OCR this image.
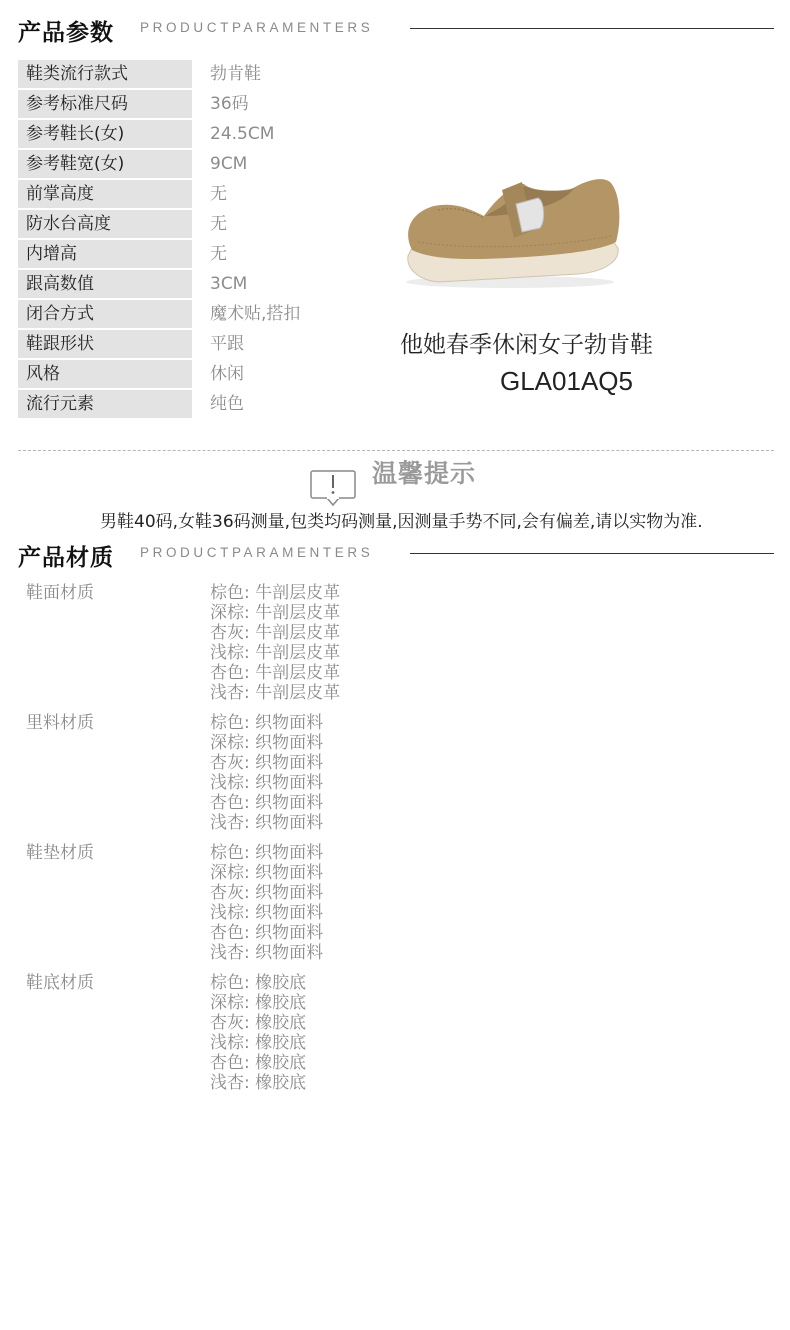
产品参数 PRODUCTPARAMENTERS
鞋类流行款式	勃肯鞋
参考标准尺码	36码
参考鞋长(女)	24.5CM
参考鞋宽(女)	9CM
前掌高度	无
防水台高度	无
内增高	无
跟高数值	3CM
闭合方式	魔术贴,搭扣
鞋跟形状	平跟
风格	休闲
流行元素	纯色
他她春季休闲女子勃肯鞋
GLA01AQ5
温馨提示
男鞋40码,女鞋36码测量,包类均码测量,因测量手势不同,会有偏差,请以实物为准.
产品材质 PRODUCTPARAMENTERS
鞋面材质	棕色: 牛剖层皮革
深棕: 牛剖层皮革
杏灰: 牛剖层皮革
浅棕: 牛剖层皮革
杏色: 牛剖层皮革
浅杏: 牛剖层皮革
里料材质	棕色: 织物面料
深棕: 织物面料
杏灰: 织物面料
浅棕: 织物面料
杏色: 织物面料
浅杏: 织物面料
鞋垫材质	棕色: 织物面料
深棕: 织物面料
杏灰: 织物面料
浅棕: 织物面料
杏色: 织物面料
浅杏: 织物面料
鞋底材质	棕色: 橡胶底
深棕: 橡胶底
杏灰: 橡胶底
浅棕: 橡胶底
杏色: 橡胶底
浅杏: 橡胶底
